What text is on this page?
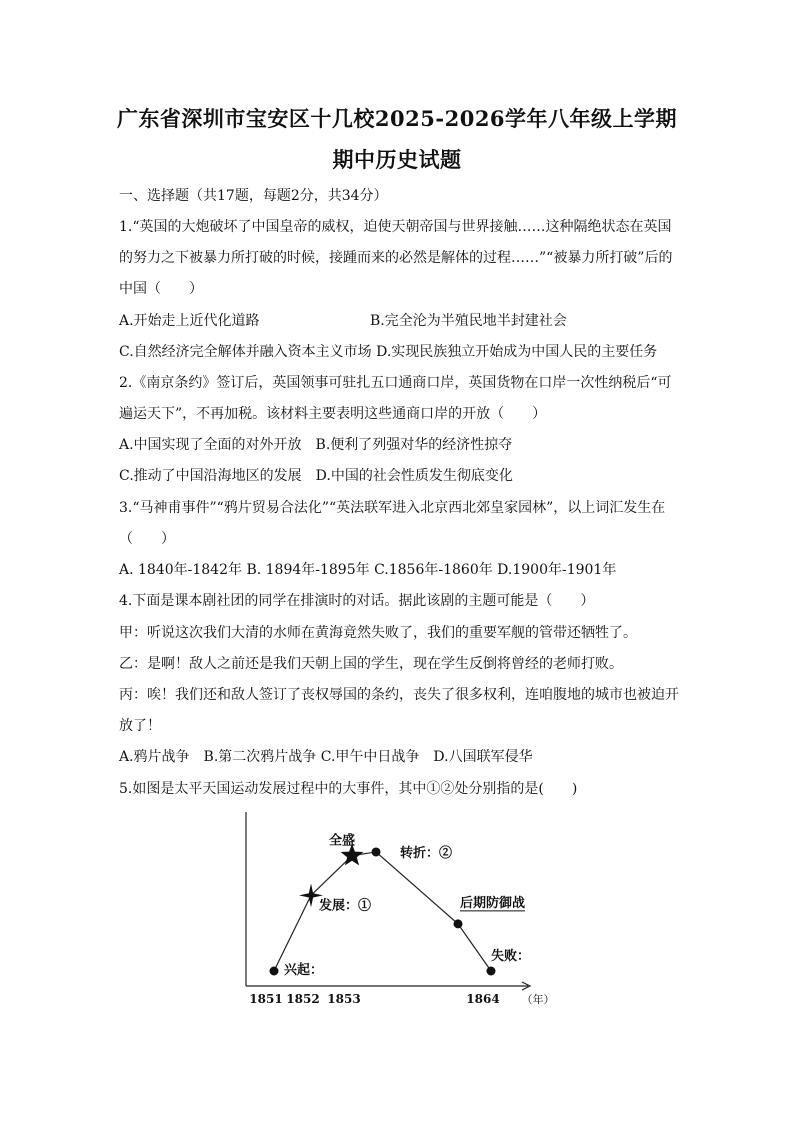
广东省深圳市宝安区十几校2025-2026学年八年级上学期
期中历史试题
一、选择题（共17题，每题2分，共34分）
1.“英国的大炮破坏了中国皇帝的威权，迫使天朝帝国与世界接触……这种隔绝状态在英国
的努力之下被暴力所打破的时候，接踵而来的必然是解体的过程……”“被暴力所打破”后的
中国（　　）
A.开始走上近代化道路	B.完全沦为半殖民地半封建社会
C.自然经济完全解体并融入资本主义市场 D.实现民族独立开始成为中国人民的主要任务
2.《南京条约》签订后，英国领事可驻扎五口通商口岸，英国货物在口岸一次性纳税后“可
遍运天下”，不再加税。该材料主要表明这些通商口岸的开放（　　）
A.中国实现了全面的对外开放　B.便利了列强对华的经济性掠夺
C.推动了中国沿海地区的发展　D.中国的社会性质发生彻底变化
3.“马神甫事件”“鸦片贸易合法化”“英法联军进入北京西北郊皇家园林”，以上词汇发生在
（　　）
A. 1840年-1842年 B. 1894年-1895年 C.1856年-1860年 D.1900年-1901年
4.下面是课本剧社团的同学在排演时的对话。据此该剧的主题可能是（　　）
甲：听说这次我们大清的水师在黄海竟然失败了，我们的重要军舰的管带还牺牲了。
乙：是啊！敌人之前还是我们天朝上国的学生，现在学生反倒将曾经的老师打败。
丙：唉！我们还和敌人签订了丧权辱国的条约，丧失了很多权利，连咱腹地的城市也被迫开
放了！
A.鸦片战争　B.第二次鸦片战争 C.甲午中日战争　D.八国联军侵华
5.如图是太平天国运动发展过程中的大事件，其中①②处分别指的是(　　)
1851 1852 1853	1864 （年）
兴起：
发展：①
全盛
转折：②
后期防御战
失败：
